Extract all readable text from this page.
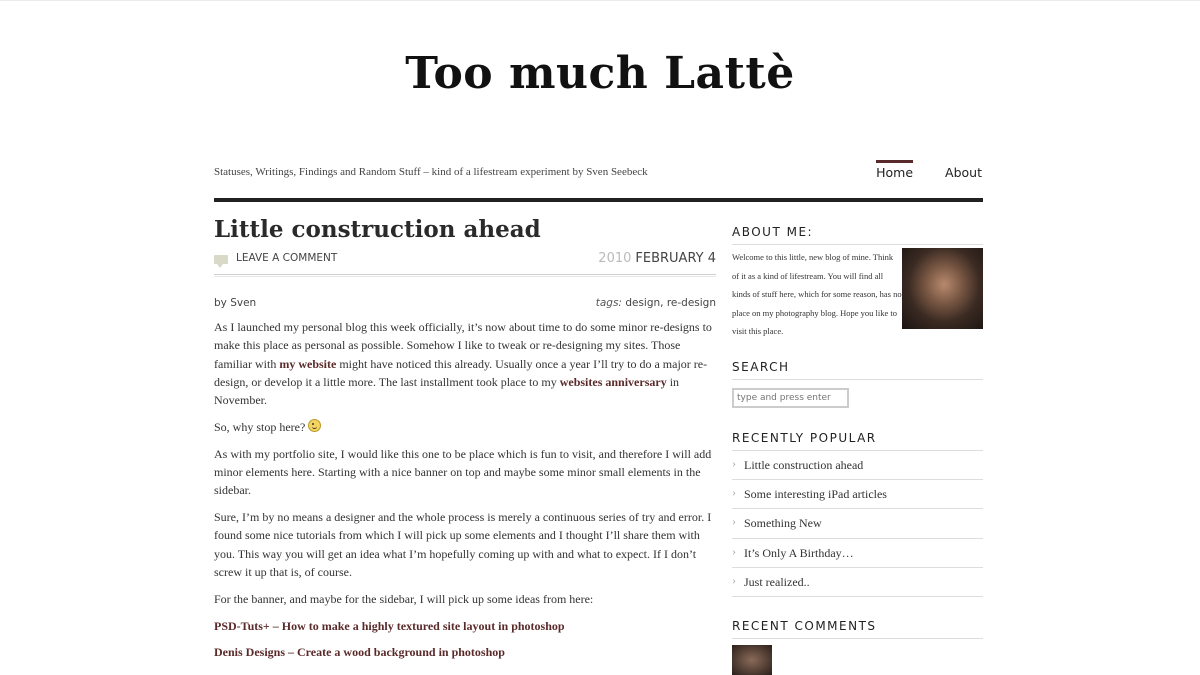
Too much Lattè
Statuses, Writings, Findings and Random Stuff – kind of a lifestream experiment by Sven Seebeck	Home	About
Little construction ahead
LEAVE A COMMENT	2010 FEBRUARY 4
by Sven	tags: design, re-design

As I launched my personal blog this week officially, it’s now about time to do some minor re-designs to make this place as personal as possible. Somehow I like to tweak or re-designing my sites. Those familiar with my website might have noticed this already. Usually once a year I’ll try to do a major re-design, or develop it a little more. The last installment took place to my websites anniversary in November.

So, why stop here?

As with my portfolio site, I would like this one to be place which is fun to visit, and therefore I will add minor elements here. Starting with a nice banner on top and maybe some minor small elements in the sidebar.

Sure, I’m by no means a designer and the whole process is merely a continuous series of try and error. I found some nice tutorials from which I will pick up some elements and I thought I’ll share them with you. This way you will get an idea what I’m hopefully coming up with and what to expect. If I don’t screw it up that is, of course.

For the banner, and maybe for the sidebar, I will pick up some ideas from here:

PSD-Tuts+ – How to make a highly textured site layout in photoshop

Denis Designs – Create a wood background in photoshop

ABOUT ME:
Welcome to this little, new blog of mine. Think of it as a kind of lifestream. You will find all kinds of stuff here, which for some reason, has no place on my photography blog. Hope you like to visit this place.
SEARCH
type and press enter
RECENTLY POPULAR
› Little construction ahead
› Some interesting iPad articles
› Something New
› It’s Only A Birthday…
› Just realized..
RECENT COMMENTS
